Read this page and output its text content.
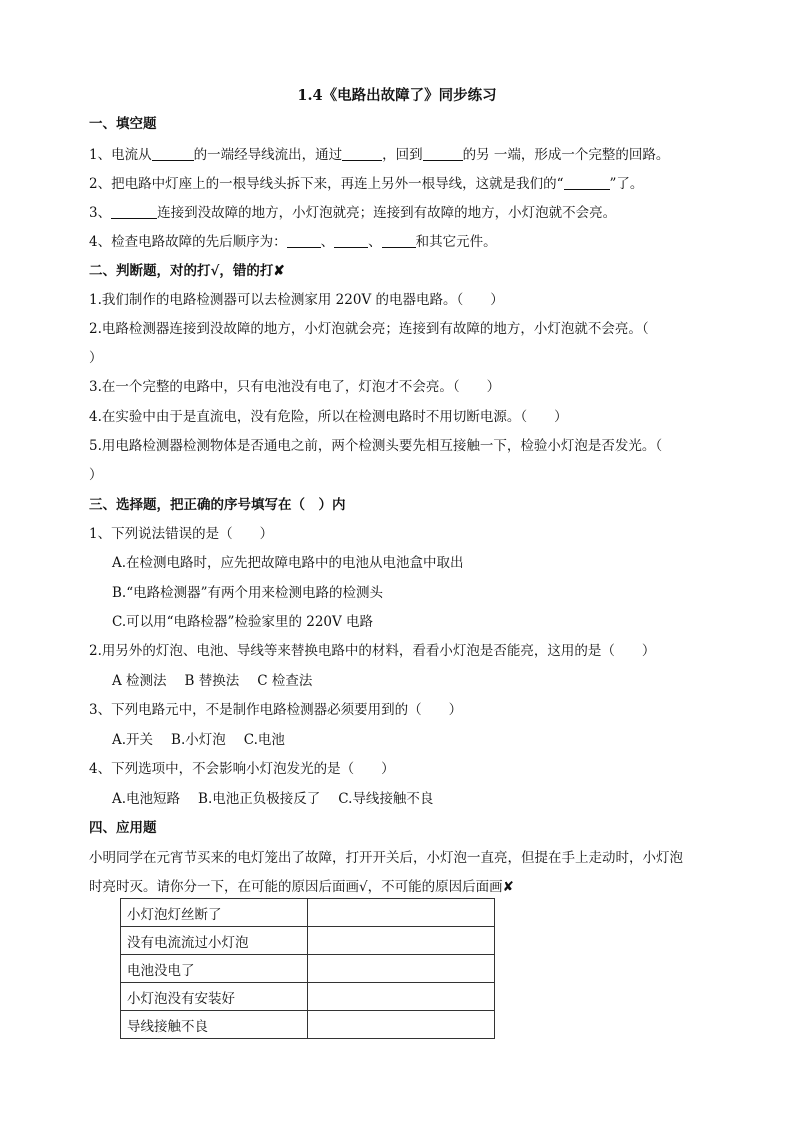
1.4《电路出故障了》同步练习
一、填空题
1、电流从	的一端经导线流出，通过	，回到	的另 一端，形成一个完整的回路。
2、把电路中灯座上的一根导线头拆下来，再连上另外一根导线，这就是我们的“	”了。
3、	连接到没故障的地方，小灯泡就亮；连接到有故障的地方，小灯泡就不会亮。
4、检查电路故障的先后顺序为：	、	、	和其它元件。
二、判断题，对的打√，错的打✘
1.我们制作的电路检测器可以去检测家用 220V 的电器电路。（　　）
2.电路检测器连接到没故障的地方，小灯泡就会亮；连接到有故障的地方，小灯泡就不会亮。（
）
3.在一个完整的电路中，只有电池没有电了，灯泡才不会亮。（　　）
4.在实验中由于是直流电，没有危险，所以在检测电路时不用切断电源。（　　）
5.用电路检测器检测物体是否通电之前，两个检测头要先相互接触一下，检验小灯泡是否发光。（
）
三、选择题，把正确的序号填写在（　）内
1、下列说法错误的是（　　）
A.在检测电路时，应先把故障电路中的电池从电池盒中取出
B.“电路检测器”有两个用来检测电路的检测头
C.可以用“电路检器”检验家里的 220V 电路
2.用另外的灯泡、电池、导线等来替换电路中的材料，看看小灯泡是否能亮，这用的是（　　）
A 检测法 B 替换法 C 检查法
3、下列电路元中，不是制作电路检测器必须要用到的（　　）
A.开关 B.小灯泡 C.电池
4、下列选项中，不会影响小灯泡发光的是（　　）
A.电池短路 B.电池正负极接反了 C.导线接触不良
四、应用题
小明同学在元宵节买来的电灯笼出了故障，打开开关后，小灯泡一直亮，但提在手上走动时，小灯泡
时亮时灭。请你分一下，在可能的原因后面画√，不可能的原因后面画✘
小灯泡灯丝断了	
没有电流流过小灯泡	
电池没电了	
小灯泡没有安装好	
导线接触不良	
